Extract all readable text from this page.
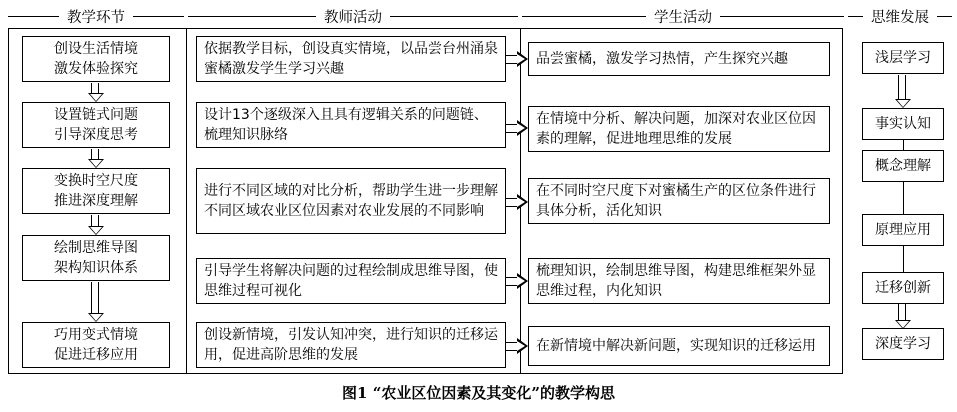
教学环节	教师活动	学生活动	思维发展
创设生活情境
激发体验探究
设置链式问题
引导深度思考
变换时空尺度
推进深度理解
绘制思维导图
架构知识体系
巧用变式情境
促进迁移应用
依据教学目标，创设真实情境，以品尝台州涌泉蜜橘激发学生学习兴趣
设计13个逐级深入且具有逻辑关系的问题链、梳理知识脉络
进行不同区域的对比分析，帮助学生进一步理解不同区域农业区位因素对农业发展的不同影响
引导学生将解决问题的过程绘制成思维导图，使思维过程可视化
创设新情境，引发认知冲突，进行知识的迁移运用，促进高阶思维的发展
品尝蜜橘，激发学习热情，产生探究兴趣
在情境中分析、解决问题，加深对农业区位因素的理解，促进地理思维的发展
在不同时空尺度下对蜜橘生产的区位条件进行具体分析，活化知识
梳理知识，绘制思维导图，构建思维框架外显思维过程，内化知识
在新情境中解决新问题，实现知识的迁移运用
浅层学习
事实认知
概念理解
原理应用
迁移创新
深度学习
图1 “农业区位因素及其变化”的教学构思
